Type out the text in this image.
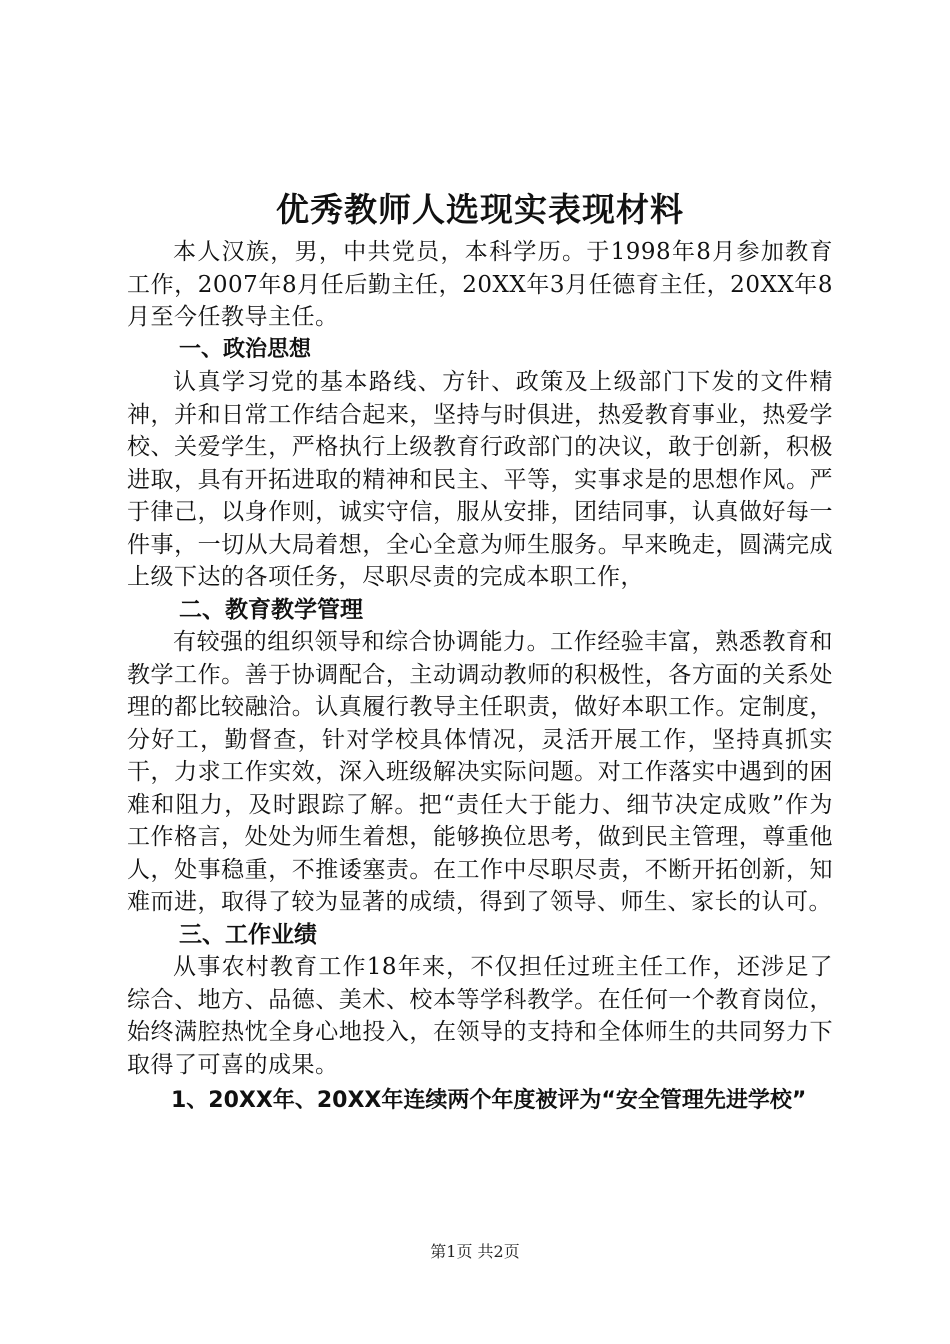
优秀教师人选现实表现材料

本人汉族，男，中共党员，本科学历。于1998年8月参加教育工作，2007年8月任后勤主任，20XX年3月任德育主任，20XX年8月至今任教导主任。

一、政治思想

认真学习党的基本路线、方针、政策及上级部门下发的文件精神，并和日常工作结合起来，坚持与时俱进，热爱教育事业，热爱学校、关爱学生，严格执行上级教育行政部门的决议，敢于创新，积极进取，具有开拓进取的精神和民主、平等，实事求是的思想作风。严于律己，以身作则，诚实守信，服从安排，团结同事，认真做好每一件事，一切从大局着想，全心全意为师生服务。早来晚走，圆满完成上级下达的各项任务，尽职尽责的完成本职工作，

二、教育教学管理

有较强的组织领导和综合协调能力。工作经验丰富，熟悉教育和教学工作。善于协调配合，主动调动教师的积极性，各方面的关系处理的都比较融洽。认真履行教导主任职责，做好本职工作。定制度，分好工，勤督查，针对学校具体情况，灵活开展工作，坚持真抓实干，力求工作实效，深入班级解决实际问题。对工作落实中遇到的困难和阻力，及时跟踪了解。把“责任大于能力、细节决定成败”作为工作格言，处处为师生着想，能够换位思考，做到民主管理，尊重他人，处事稳重，不推诿塞责。在工作中尽职尽责，不断开拓创新，知难而进，取得了较为显著的成绩，得到了领导、师生、家长的认可。

三、工作业绩

从事农村教育工作18年来，不仅担任过班主任工作，还涉足了综合、地方、品德、美术、校本等学科教学。在任何一个教育岗位，始终满腔热忱全身心地投入，在领导的支持和全体师生的共同努力下取得了可喜的成果。

1、20XX年、20XX年连续两个年度被评为“安全管理先进学校”

第1页 共2页
